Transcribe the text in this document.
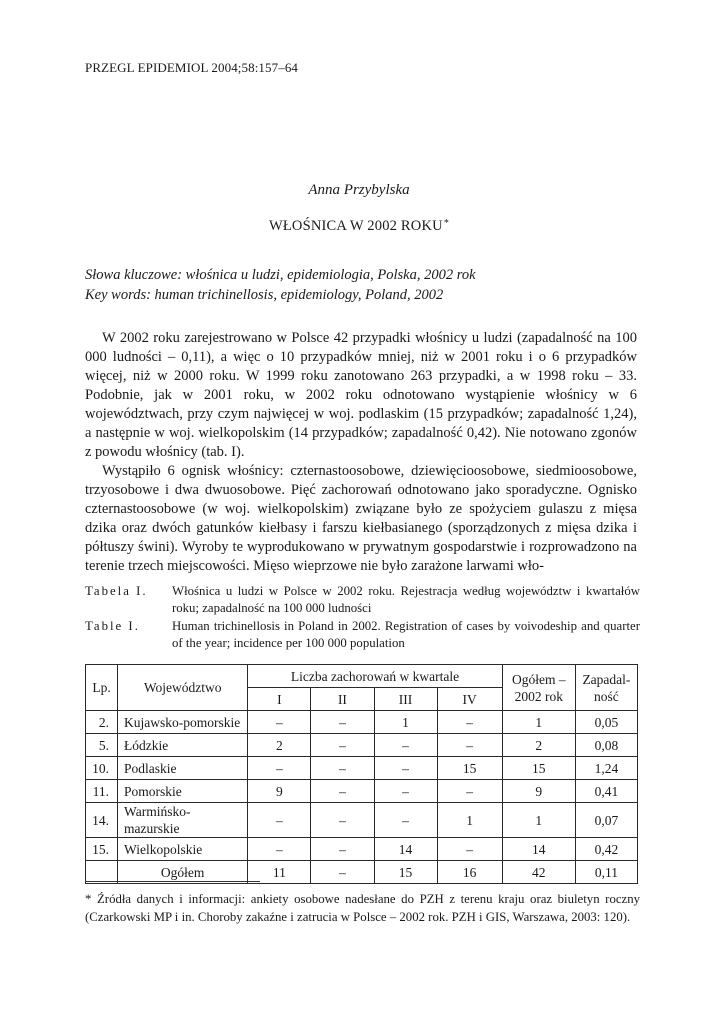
PRZEGL EPIDEMIOL 2004;58:157–64
Anna Przybylska
WŁOŚNICA W 2002 ROKU*
Słowa kluczowe: włośnica u ludzi, epidemiologia, Polska, 2002 rok
Key words: human trichinellosis, epidemiology, Poland, 2002

W 2002 roku zarejestrowano w Polsce 42 przypadki włośnicy u ludzi (zapadalność na 100 000 ludności – 0,11), a więc o 10 przypadków mniej, niż w 2001 roku i o 6 przypadków więcej, niż w 2000 roku. W 1999 roku zanotowano 263 przypadki, a w 1998 roku – 33. Podobnie, jak w 2001 roku, w 2002 roku odnotowano wystąpienie włośnicy w 6 województwach, przy czym najwięcej w woj. podlaskim (15 przypadków; zapadalność 1,24), a następnie w woj. wielkopolskim (14 przypadków; zapadalność 0,42). Nie notowano zgonów z powodu włośnicy (tab. I).

Wystąpiło 6 ognisk włośnicy: czternastoosobowe, dziewięcioosobowe, siedmioosobowe, trzyosobowe i dwa dwuosobowe. Pięć zachorowań odnotowano jako sporadyczne. Ognisko czternastoosobowe (w woj. wielkopolskim) związane było ze spożyciem gulaszu z mięsa dzika oraz dwóch gatunków kiełbasy i farszu kiełbasianego (sporządzonych z mięsa dzika i półtuszy świni). Wyroby te wyprodukowano w prywatnym gospodarstwie i rozprowadzono na terenie trzech miejscowości. Mięso wieprzowe nie było zarażone larwami wło-

Tabela I.	Włośnica u ludzi w Polsce w 2002 roku. Rejestracja według województw i kwartałów roku; zapadalność na 100 000 ludności
Table I.	Human trichinellosis in Poland in 2002. Registration of cases by voivodeship and quarter of the year; incidence per 100 000 population
Lp.	Województwo	Liczba zachorowań w kwartale				Ogółem – 2002 rok	Zapadal-ność
		I	II	III	IV		
2.	Kujawsko-pomorskie	–	–	1	–	1	0,05
5.	Łódzkie	2	–	–	–	2	0,08
10.	Podlaskie	–	–	–	15	15	1,24
11.	Pomorskie	9	–	–	–	9	0,41
14.	Warmińsko-mazurskie	–	–	–	1	1	0,07
15.	Wielkopolskie	–	–	14	–	14	0,42
	Ogółem	11	–	15	16	42	0,11
* Źródła danych i informacji: ankiety osobowe nadesłane do PZH z terenu kraju oraz biuletyn roczny (Czarkowski MP i in. Choroby zakaźne i zatrucia w Polsce – 2002 rok. PZH i GIS, Warszawa, 2003: 120).
